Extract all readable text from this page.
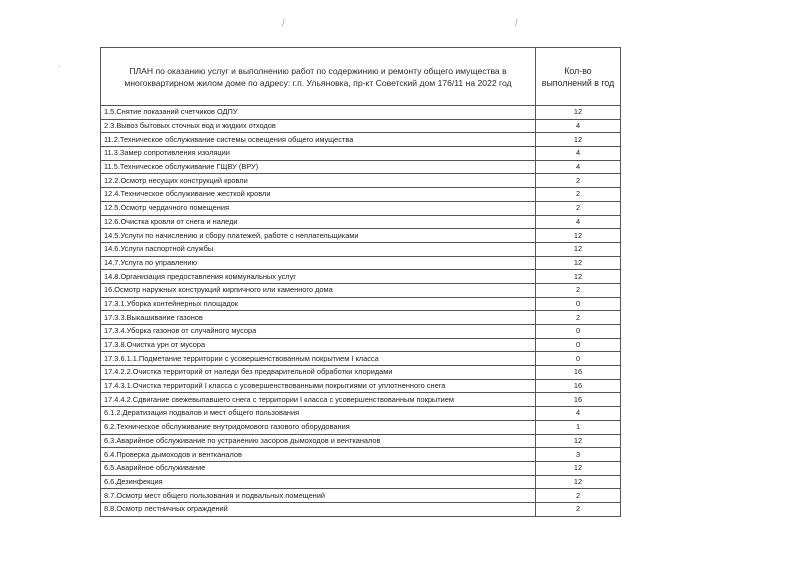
/	/
-	ПЛАН по оказанию услуг и выполнению работ по содержинию и ремонту общего имущества в многоквартирном жилом доме по адресу: г.п. Ульяновка, пр-кт Советский дом 176/11 на 2022 год	Кол-во выполнений в год
1.5.Снятие показаний счетчиков ОДПУ	12
2.3.Вывоз бытовых сточных вод и жидких отходов	4
11.2.Техническое обслуживание системы освещения общего имущества	12
11.3.Замер сопротивления изоляции	4
11.5.Техническое обслуживание ГЩВУ (ВРУ)	4
12.2.Осмотр несущих конструкций кровли	2
12.4.Техническое обслуживание жесткой кровли	2
12.5.Осмотр чердачного помещения	2
12.6.Очистка кровли от снега и наледи	4
14.5.Услуги по начислению и сбору платежей, работе с неплательщиками	12
14.6.Услуги паспортной службы	12
14.7.Услуга по управлению	12
14.8.Организация предоставления коммунальных услуг	12
16.Осмотр наружных конструкций кирпичного или каменного дома	2
17.3.1.Уборка контейнерных площадок	0
17.3.3.Выкашивание газонов	2
17.3.4.Уборка газонов от случайного мусора	0
17.3.8.Очистка урн от мусора	0
17.3.6.1.1.Подметание территории с усовершенствованным покрытием I класса	0
17.4.2.2.Очистка территорий от наледи без предварительной обработки хлоридами	16
17.4.3.1.Очистка территорий I класса с усовершенствованными покрытиями от уплотненного снега	16
17.4.4.2.Сдвигание свежевыпавшего снега с территории I класса с усовершенствованным покрытием	16
6.1.2.Дератизация подвалов и мест общего пользования	4
6.2.Техническое обслуживание внутридомового газового оборудования	1
6.3.Аварийное обслуживание по устранению засоров дымоходов и вентканалов	12
6.4.Проверка дымоходов и вентканалов	3
6.5.Аварийное обслуживание	12
6.6.Дезинфекция	12
8.7.Осмотр мест общего пользования и подвальных помещений	2
8.8.Осмотр лестничных ограждений	2
